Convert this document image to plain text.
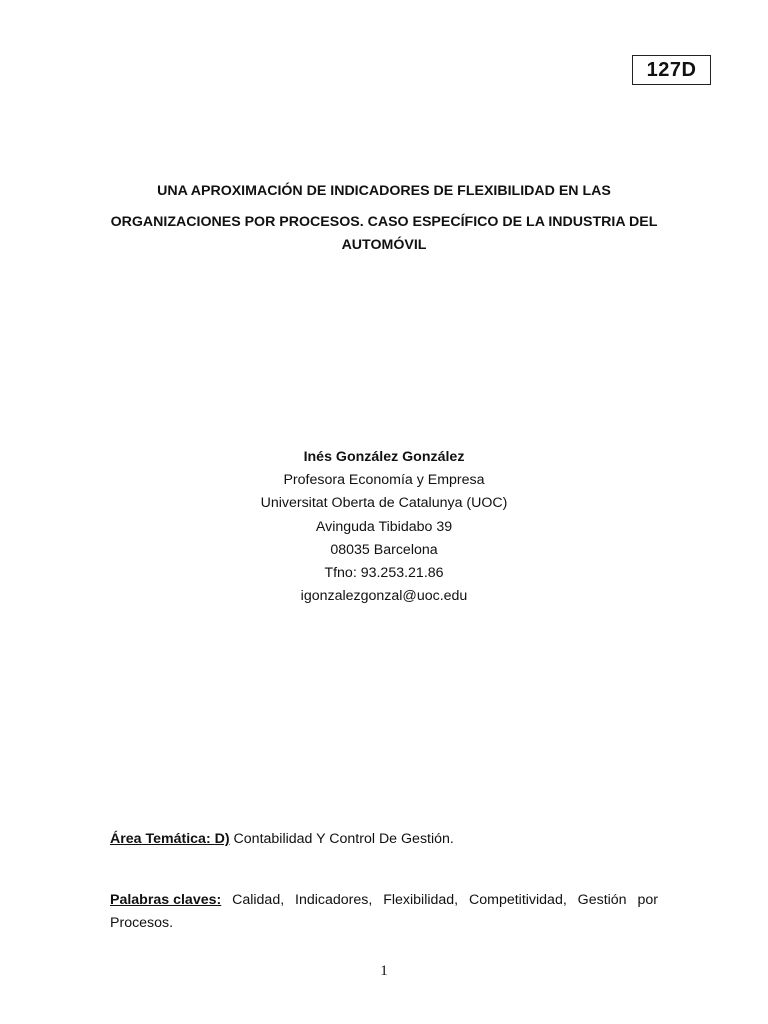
127D
UNA APROXIMACIÓN DE INDICADORES DE FLEXIBILIDAD EN LAS
ORGANIZACIONES POR PROCESOS. CASO ESPECÍFICO DE LA INDUSTRIA DEL
AUTOMÓVIL
Inés González González
Profesora Economía y Empresa
Universitat Oberta de Catalunya (UOC)
Avinguda Tibidabo 39
08035 Barcelona
Tfno: 93.253.21.86
igonzalezgonzal@uoc.edu
Área Temática: D) Contabilidad Y Control De Gestión.
Palabras claves: Calidad, Indicadores, Flexibilidad, Competitividad, Gestión por
Procesos.
1
